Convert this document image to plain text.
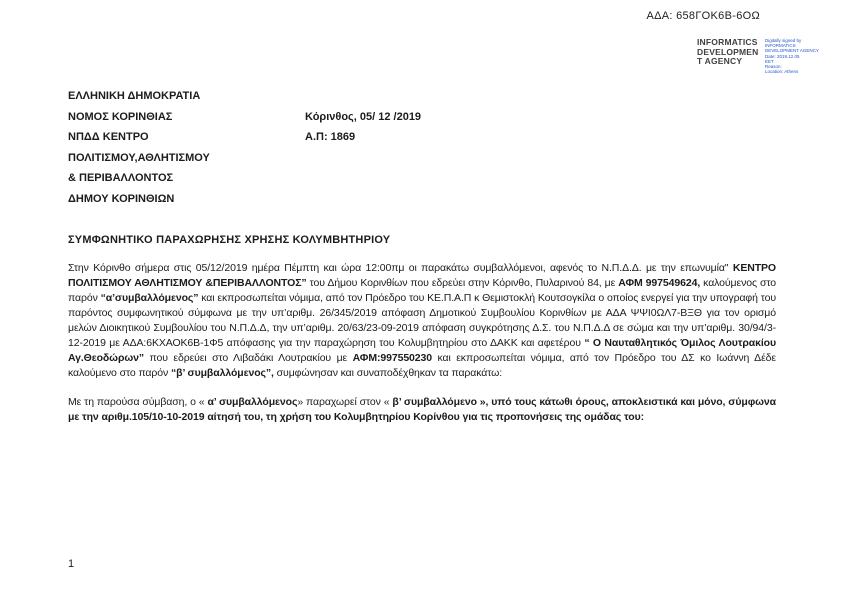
ΑΔΑ: 658ΓΟΚ6Β-6ΟΩ
INFORMATICS
DEVELOPMEN
T AGENCY
Digitally signed by
INFORMATICS
DEVELOPMENT AGENCY
Date: 2019.12.05
EET
Reason:
Location: Athens
ΕΛΛΗΝΙΚΗ ΔΗΜΟΚΡΑΤΙΑ
ΝΟΜΟΣ ΚΟΡΙΝΘΙΑΣ
ΝΠΔΔ ΚΕΝΤΡΟ
ΠΟΛΙΤΙΣΜΟΥ,ΑΘΛΗΤΙΣΜΟΥ
& ΠΕΡΙΒΑΛΛΟΝΤΟΣ
ΔΗΜΟΥ ΚΟΡΙΝΘΙΩΝ
Κόρινθος, 05/ 12 /2019
Α.Π: 1869
ΣΥΜΦΩΝΗΤΙΚΟ ΠΑΡΑΧΩΡΗΣΗΣ ΧΡΗΣΗΣ ΚΟΛΥΜΒΗΤΗΡΙΟΥ

Στην Κόρινθο σήμερα στις 05/12/2019 ημέρα Πέμπτη και ώρα 12:00πμ οι παρακάτω συμβαλλόμενοι, αφενός το Ν.Π.Δ.Δ. με την επωνυμία" ΚΕΝΤΡΟ ΠΟΛΙΤΙΣΜΟΥ ΑΘΛΗΤΙΣΜΟΥ &ΠΕΡΙΒΑΛΛΟΝΤΟΣ” του Δήμου Κορινθίων που εδρεύει στην Κόρινθο, Πυλαρινού 84, με ΑΦΜ 997549624, καλούμενος στο παρόν “α’συμβαλλόμενος” και εκπροσωπείται νόμιμα, από τον Πρόεδρο του ΚΕ.Π.Α.Π κ Θεμιστοκλή Κουτσογκίλα ο οποίος ενεργεί για την υπογραφή του παρόντος συμφωνητικού σύμφωνα με την υπ’αριθμ. 26/345/2019 απόφαση Δημοτικού Συμβουλίου Κορινθίων με ΑΔΑ ΨΨΙ0ΩΛ7-ΒΞΘ για τον ορισμό μελών Διοικητικού Συμβουλίου του Ν.Π.Δ.Δ, την υπ’αριθμ. 20/63/23-09-2019 απόφαση συγκρότησης Δ.Σ. του Ν.Π.Δ.Δ σε σώμα και την υπ’αριθμ. 30/94/3-12-2019 με ΑΔΑ:6ΚΧΑΟΚ6Β-1Φ5 απόφασης για την παραχώρηση του Κολυμβητηρίου στο ΔΑΚΚ και αφετέρου “ Ο Ναυταθλητικός Όμιλος Λουτρακίου Αγ.Θεοδώρων” που εδρεύει στο Λιβαδάκι Λουτρακίου με ΑΦΜ:997550230 και εκπροσωπείται νόμιμα, από τον Πρόεδρο του ΔΣ κο Ιωάννη Δέδε καλούμενο στο παρόν “β’ συμβαλλόμενος”, συμφώνησαν και συναποδέχθηκαν τα παρακάτω:

Με τη παρούσα σύμβαση, ο « α’ συμβαλλόμενος» παραχωρεί στον « β’ συμβαλλόμενο », υπό τους κάτωθι όρους, αποκλειστικά και μόνο, σύμφωνα με την αριθμ.105/10-10-2019 αίτησή του, τη χρήση του Κολυμβητηρίου Κορίνθου για τις προπονήσεις της ομάδας του:

1
